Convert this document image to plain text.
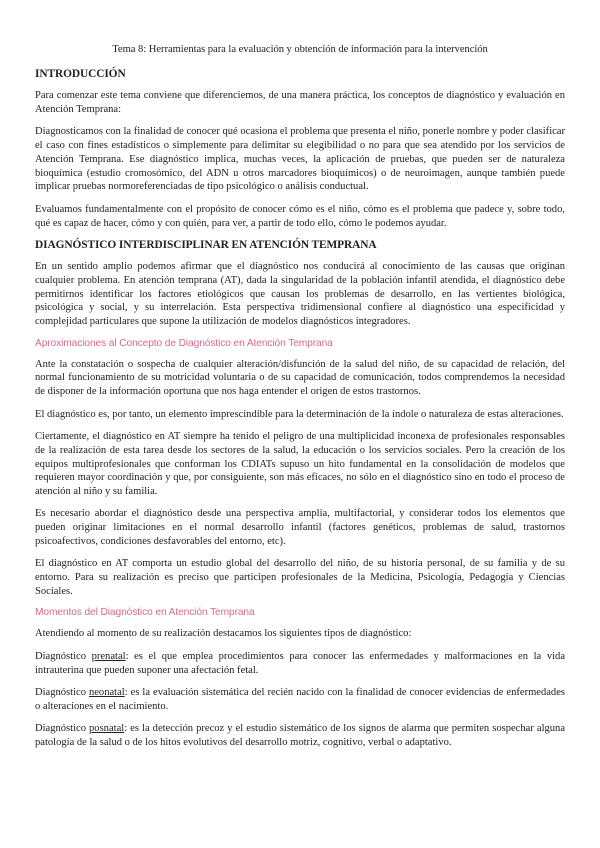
Tema 8: Herramientas para la evaluación y obtención de información para la intervención
INTRODUCCIÓN

Para comenzar este tema conviene que diferenciemos, de una manera práctica, los conceptos de diagnóstico y evaluación en Atención Temprana:

Diagnosticamos con la finalidad de conocer qué ocasiona el problema que presenta el niño, ponerle nombre y poder clasificar el caso con fines estadísticos o simplemente para delimitar su elegibilidad o no para que sea atendido por los servicios de Atención Temprana. Ese diagnóstico implica, muchas veces, la aplicación de pruebas, que pueden ser de naturaleza bioquímica (estudio cromosómico, del ADN u otros marcadores bioquímicos) o de neuroimagen, aunque también puede implicar pruebas normoreferenciadas de tipo psicológico o análisis conductual.

Evaluamos fundamentalmente con el propósito de conocer cómo es el niño, cómo es el problema que padece y, sobre todo, qué es capaz de hacer, cómo y con quién, para ver, a partir de todo ello, cómo le podemos ayudar.

DIAGNÓSTICO INTERDISCIPLINAR EN ATENCIÓN TEMPRANA

En un sentido amplio podemos afirmar que el diagnóstico nos conducirá al conocimiento de las causas que originan cualquier problema. En atención temprana (AT), dada la singularidad de la población infantil atendida, el diagnóstico debe permitirnos identificar los factores etiológicos que causan los problemas de desarrollo, en las vertientes biológica, psicológica y social, y su interrelación. Esta perspectiva tridimensional confiere al diagnóstico una especificidad y complejidad particulares que supone la utilización de modelos diagnósticos integradores.

Aproximaciones al Concepto de Diagnóstico en Atención Temprana

Ante la constatación o sospecha de cualquier alteración/disfunción de la salud del niño, de su capacidad de relación, del normal funcionamiento de su motricidad voluntaria o de su capacidad de comunicación, todos comprendemos la necesidad de disponer de la información oportuna que nos haga entender el origen de estos trastornos.

El diagnóstico es, por tanto, un elemento imprescindible para la determinación de la índole o naturaleza de estas alteraciones.

Ciertamente, el diagnóstico en AT siempre ha tenido el peligro de una multiplicidad inconexa de profesionales responsables de la realización de esta tarea desde los sectores de la salud, la educación o los servicios sociales. Pero la creación de los equipos multiprofesionales que conforman los CDIATs supuso un hito fundamental en la consolidación de modelos que requieren mayor coordinación y que, por consiguiente, son más eficaces, no sólo en el diagnóstico sino en todo el proceso de atención al niño y su familia.

Es necesario abordar el diagnóstico desde una perspectiva amplia, multifactorial, y considerar todos los elementos que pueden originar limitaciones en el normal desarrollo infantil (factores genéticos, problemas de salud, trastornos psicoafectivos, condiciones desfavorables del entorno, etc).

El diagnóstico en AT comporta un estudio global del desarrollo del niño, de su historia personal, de su familia y de su entorno. Para su realización es preciso que participen profesionales de la Medicina, Psicología, Pedagogía y Ciencias Sociales.

Momentos del Diagnóstico en Atención Temprana

Atendiendo al momento de su realización destacamos los siguientes tipos de diagnóstico:

Diagnóstico prenatal: es el que emplea procedimientos para conocer las enfermedades y malformaciones en la vida intrauterina que pueden suponer una afectación fetal.

Diagnóstico neonatal: es la evaluación sistemática del recién nacido con la finalidad de conocer evidencias de enfermedades o alteraciones en el nacimiento.

Diagnóstico posnatal: es la detección precoz y el estudio sistemático de los signos de alarma que permiten sospechar alguna patología de la salud o de los hitos evolutivos del desarrollo motriz, cognitivo, verbal o adaptativo.
